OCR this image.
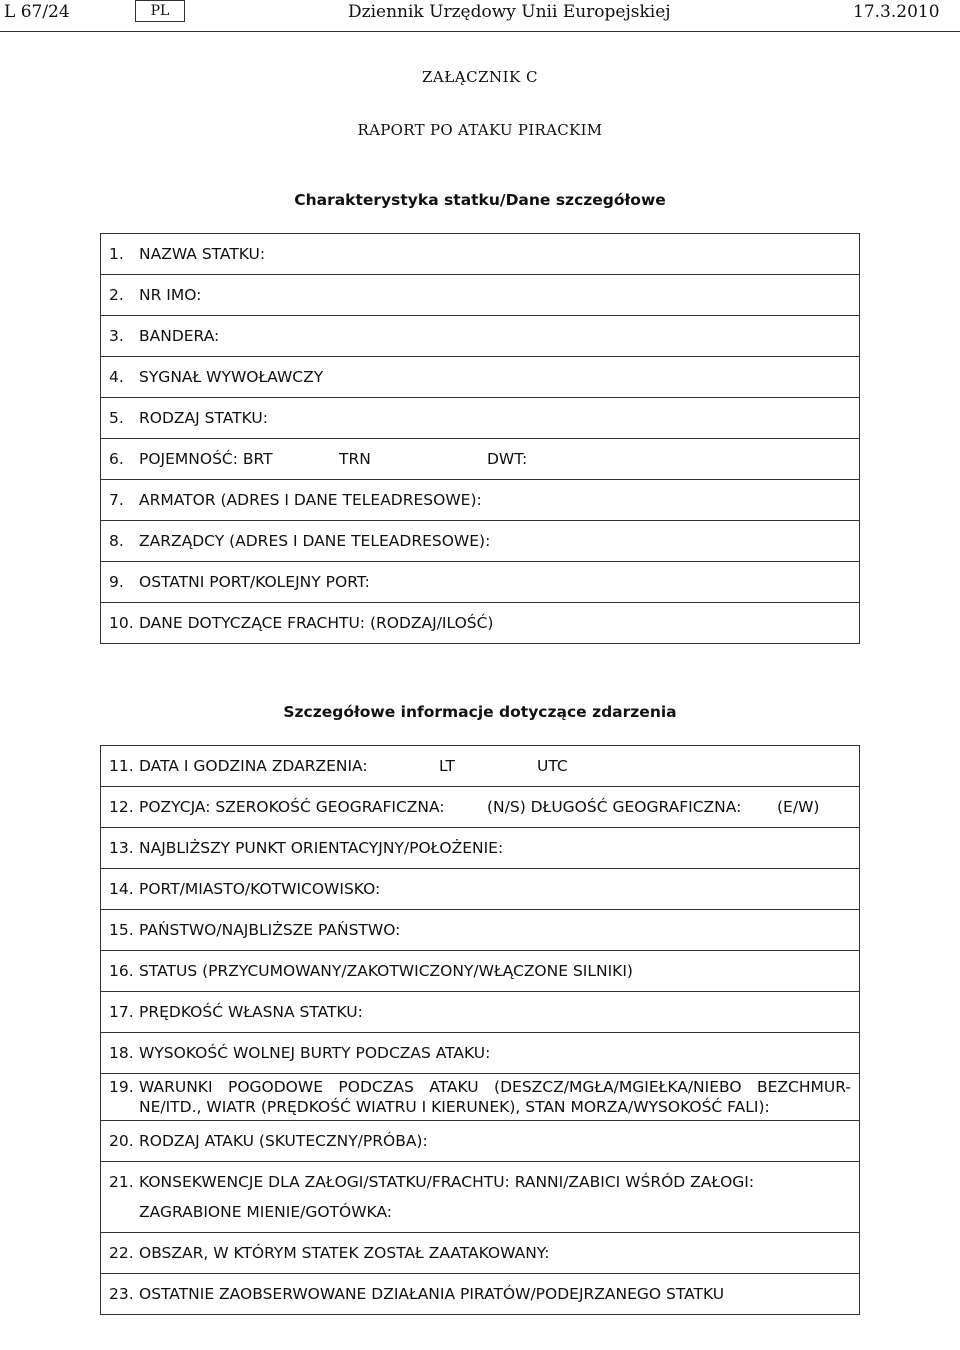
L 67/24	PL	Dziennik Urzędowy Unii Europejskiej	17.3.2010
ZAŁĄCZNIK C
RAPORT PO ATAKU PIRACKIM
Charakterystyka statku/Dane szczegółowe
1. NAZWA STATKU:
2. NR IMO:
3. BANDERA:
4. SYGNAŁ WYWOŁAWCZY
5. RODZAJ STATKU:
6. POJEMNOŚĆ: BRT	TRN	DWT:
7. ARMATOR (ADRES I DANE TELEADRESOWE):
8. ZARZĄDCY (ADRES I DANE TELEADRESOWE):
9. OSTATNI PORT/KOLEJNY PORT:
10. DANE DOTYCZĄCE FRACHTU: (RODZAJ/ILOŚĆ)
Szczegółowe informacje dotyczące zdarzenia
11. DATA I GODZINA ZDARZENIA:	LT	UTC
12. POZYCJA: SZEROKOŚĆ GEOGRAFICZNA:	(N/S) DŁUGOŚĆ GEOGRAFICZNA: (E/W)
13. NAJBLIŻSZY PUNKT ORIENTACYJNY/POŁOŻENIE:
14. PORT/MIASTO/KOTWICOWISKO:
15. PAŃSTWO/NAJBLIŻSZE PAŃSTWO:
16. STATUS (PRZYCUMOWANY/ZAKOTWICZONY/WŁĄCZONE SILNIKI)
17. PRĘDKOŚĆ WŁASNA STATKU:
18. WYSOKOŚĆ WOLNEJ BURTY PODCZAS ATAKU:

19. WARUNKI POGODOWE PODCZAS ATAKU (DESZCZ/MGŁA/MGIEŁKA/NIEBO BEZCHMUR-
NE/ITD., WIATR (PRĘDKOŚĆ WIATRU I KIERUNEK), STAN MORZA/WYSOKOŚĆ FALI):

20. RODZAJ ATAKU (SKUTECZNY/PRÓBA):

21. KONSEKWENCJE DLA ZAŁOGI/STATKU/FRACHTU: RANNI/ZABICI WŚRÓD ZAŁOGI:
ZAGRABIONE MIENIE/GOTÓWKA:

22. OBSZAR, W KTÓRYM STATEK ZOSTAŁ ZAATAKOWANY:
23. OSTATNIE ZAOBSERWOWANE DZIAŁANIA PIRATÓW/PODEJRZANEGO STATKU
